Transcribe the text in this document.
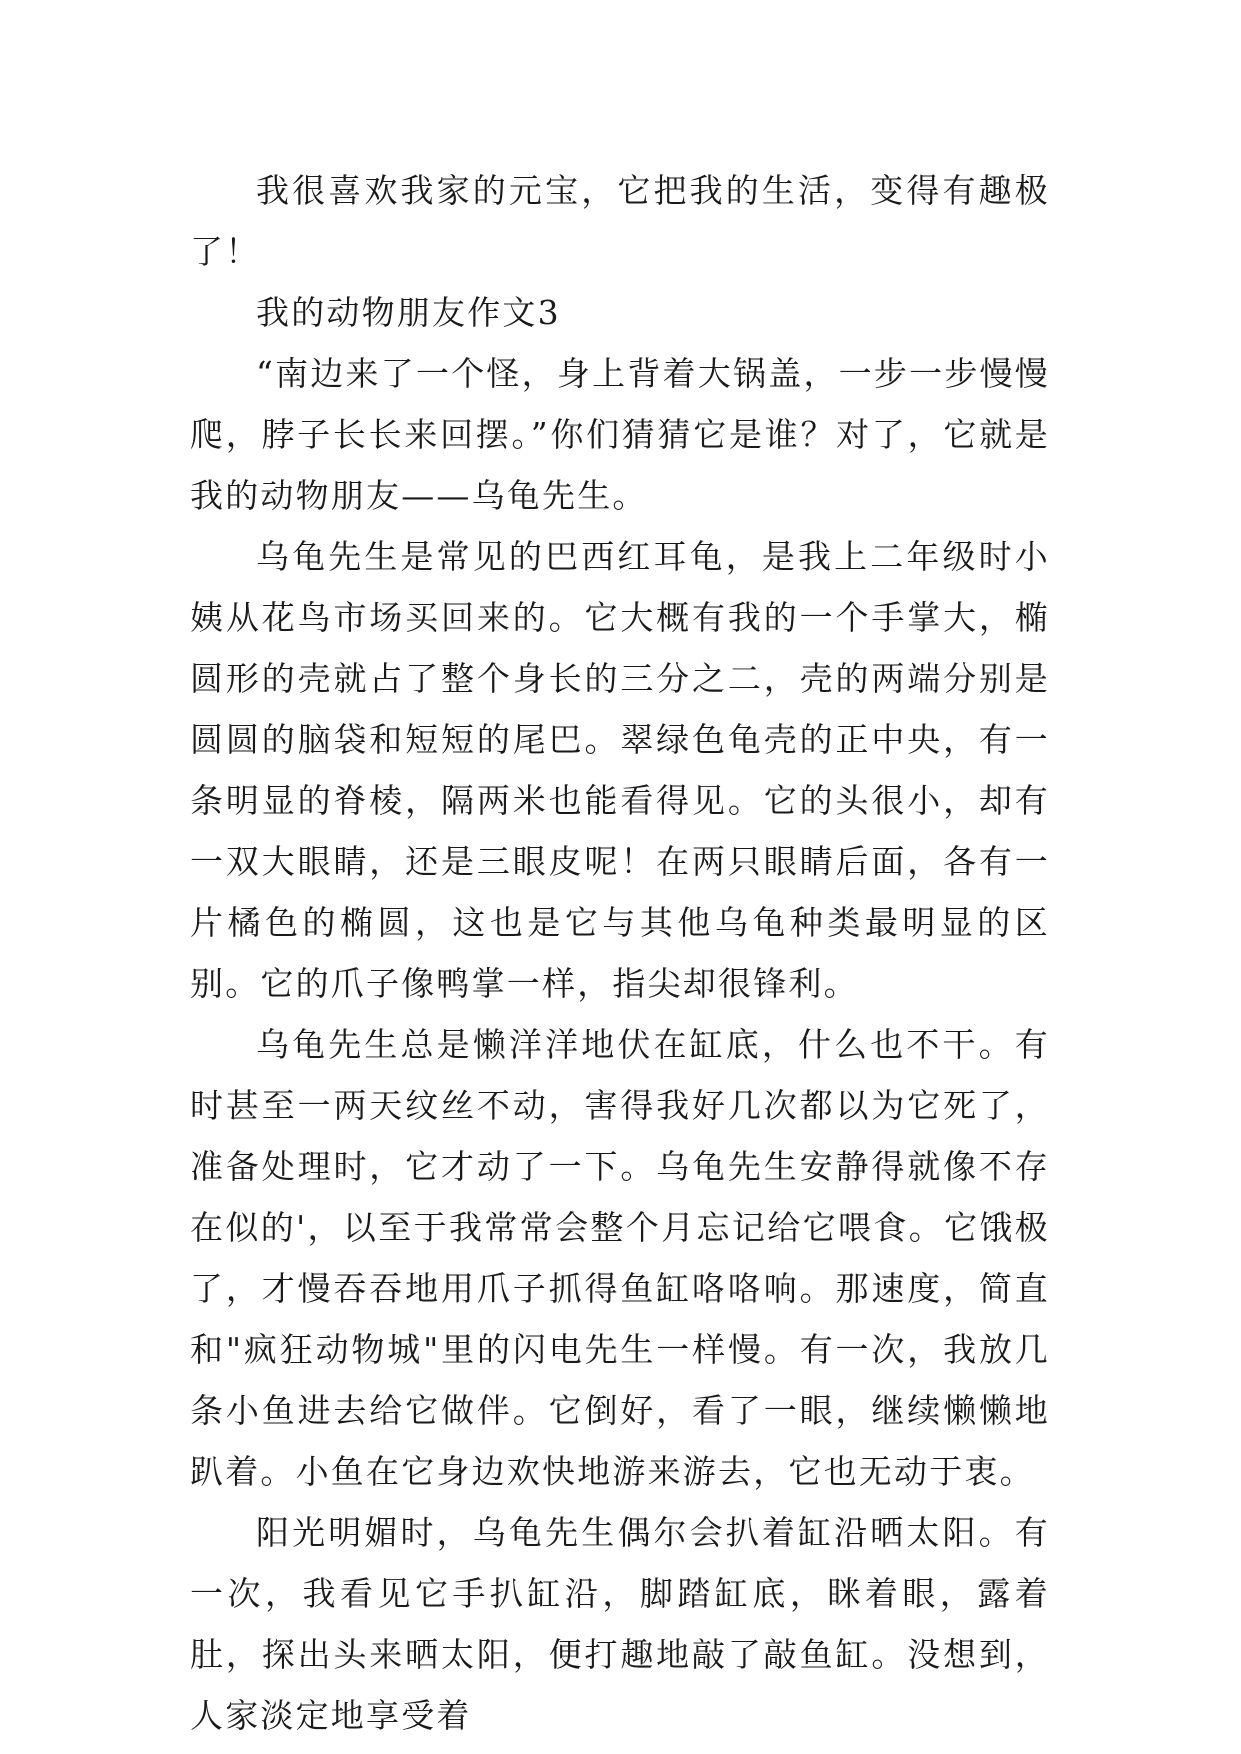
我很喜欢我家的元宝，它把我的生活，变得有趣极了！

我的动物朋友作文3

“南边来了一个怪，身上背着大锅盖，一步一步慢慢爬，脖子长长来回摆。”你们猜猜它是谁？对了，它就是我的动物朋友——乌龟先生。

乌龟先生是常见的巴西红耳龟，是我上二年级时小姨从花鸟市场买回来的。它大概有我的一个手掌大，椭圆形的壳就占了整个身长的三分之二，壳的两端分别是圆圆的脑袋和短短的尾巴。翠绿色龟壳的正中央，有一条明显的脊棱，隔两米也能看得见。它的头很小，却有一双大眼睛，还是三眼皮呢！在两只眼睛后面，各有一片橘色的椭圆，这也是它与其他乌龟种类最明显的区别。它的爪子像鸭掌一样，指尖却很锋利。

乌龟先生总是懒洋洋地伏在缸底，什么也不干。有时甚至一两天纹丝不动，害得我好几次都以为它死了，准备处理时，它才动了一下。乌龟先生安静得就像不存在似的'，以至于我常常会整个月忘记给它喂食。它饿极了，才慢吞吞地用爪子抓得鱼缸咯咯响。那速度，简直和"疯狂动物城"里的闪电先生一样慢。有一次，我放几条小鱼进去给它做伴。它倒好，看了一眼，继续懒懒地趴着。小鱼在它身边欢快地游来游去，它也无动于衷。

阳光明媚时，乌龟先生偶尔会扒着缸沿晒太阳。有一次，我看见它手扒缸沿，脚踏缸底，眯着眼，露着肚，探出头来晒太阳，便打趣地敲了敲鱼缸。没想到，人家淡定地享受着
